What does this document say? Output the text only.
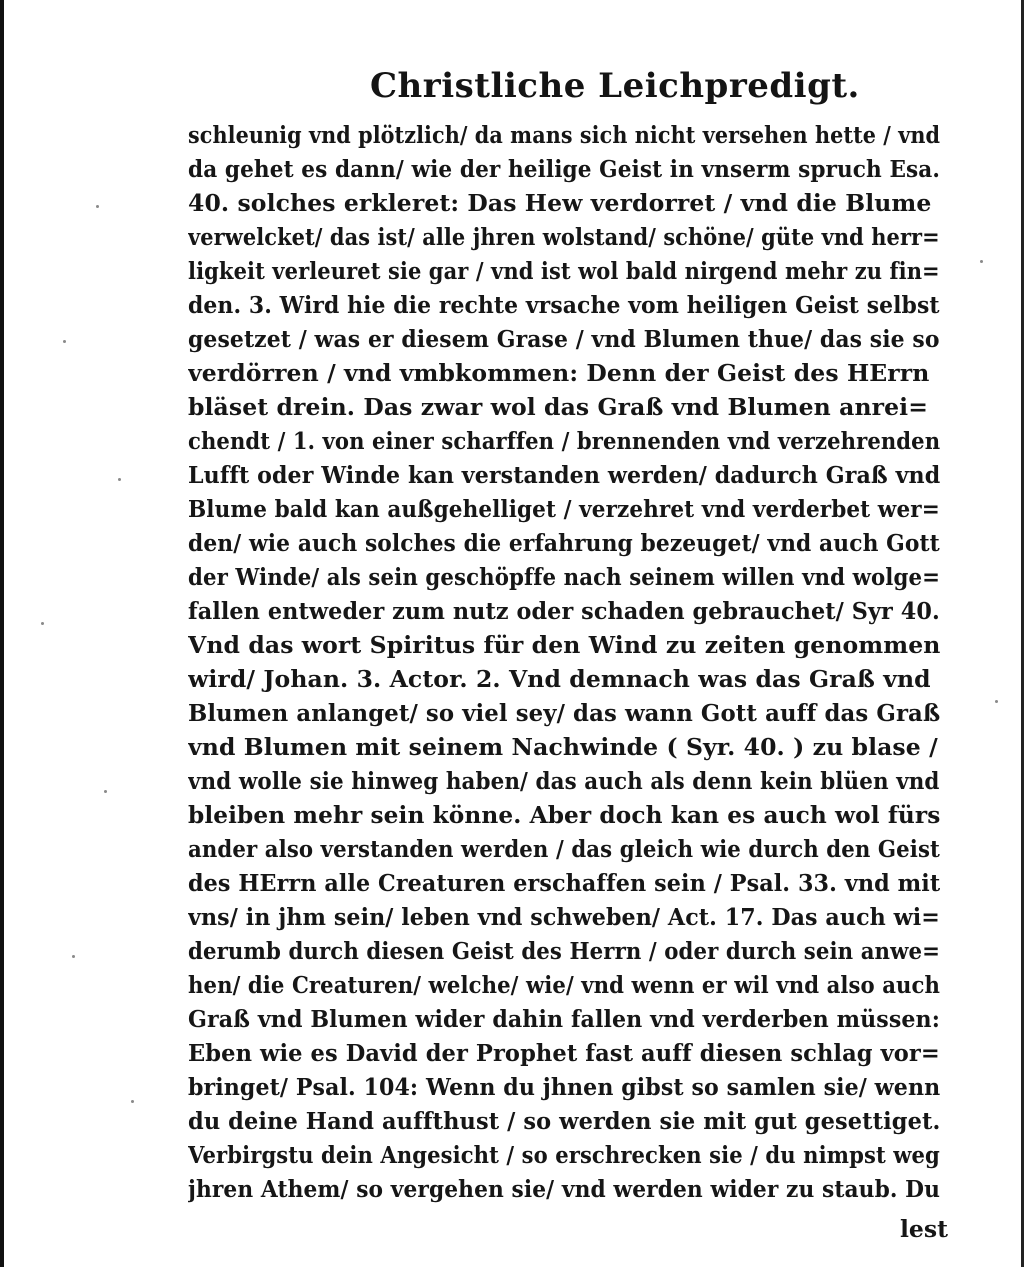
Christliche Leichpredigt.
schleunig vnd plötzlich/ da mans sich nicht versehen hette / vnd
da gehet es dann/ wie der heilige Geist in vnserm spruch Esa.
40. solches erkleret: Das Hew verdorret / vnd die Blume
verwelcket/ das ist/ alle jhren wolstand/ schöne/ güte vnd herr=
ligkeit verleuret sie gar / vnd ist wol bald nirgend mehr zu fin=
den. 3. Wird hie die rechte vrsache vom heiligen Geist selbst
gesetzet / was er diesem Grase / vnd Blumen thue/ das sie so
verdörren / vnd vmbkommen: Denn der Geist des HErrn
bläset drein. Das zwar wol das Graß vnd Blumen anrei=
chendt / 1. von einer scharffen / brennenden vnd verzehrenden
Lufft oder Winde kan verstanden werden/ dadurch Graß vnd
Blume bald kan außgehelliget / verzehret vnd verderbet wer=
den/ wie auch solches die erfahrung bezeuget/ vnd auch Gott
der Winde/ als sein geschöpffe nach seinem willen vnd wolge=
fallen entweder zum nutz oder schaden gebrauchet/ Syr 40.
Vnd das wort Spiritus für den Wind zu zeiten genommen
wird/ Johan. 3. Actor. 2. Vnd demnach was das Graß vnd
Blumen anlanget/ so viel sey/ das wann Gott auff das Graß
vnd Blumen mit seinem Nachwinde ( Syr. 40. ) zu blase /
vnd wolle sie hinweg haben/ das auch als denn kein blüen vnd
bleiben mehr sein könne. Aber doch kan es auch wol fürs
ander also verstanden werden / das gleich wie durch den Geist
des HErrn alle Creaturen erschaffen sein / Psal. 33. vnd mit
vns/ in jhm sein/ leben vnd schweben/ Act. 17. Das auch wi=
derumb durch diesen Geist des Herrn / oder durch sein anwe=
hen/ die Creaturen/ welche/ wie/ vnd wenn er wil vnd also auch
Graß vnd Blumen wider dahin fallen vnd verderben müssen:
Eben wie es David der Prophet fast auff diesen schlag vor=
bringet/ Psal. 104: Wenn du jhnen gibst so samlen sie/ wenn
du deine Hand auffthust / so werden sie mit gut gesettiget.
Verbirgstu dein Angesicht / so erschrecken sie / du nimpst weg
jhren Athem/ so vergehen sie/ vnd werden wider zu staub. Du
lest
